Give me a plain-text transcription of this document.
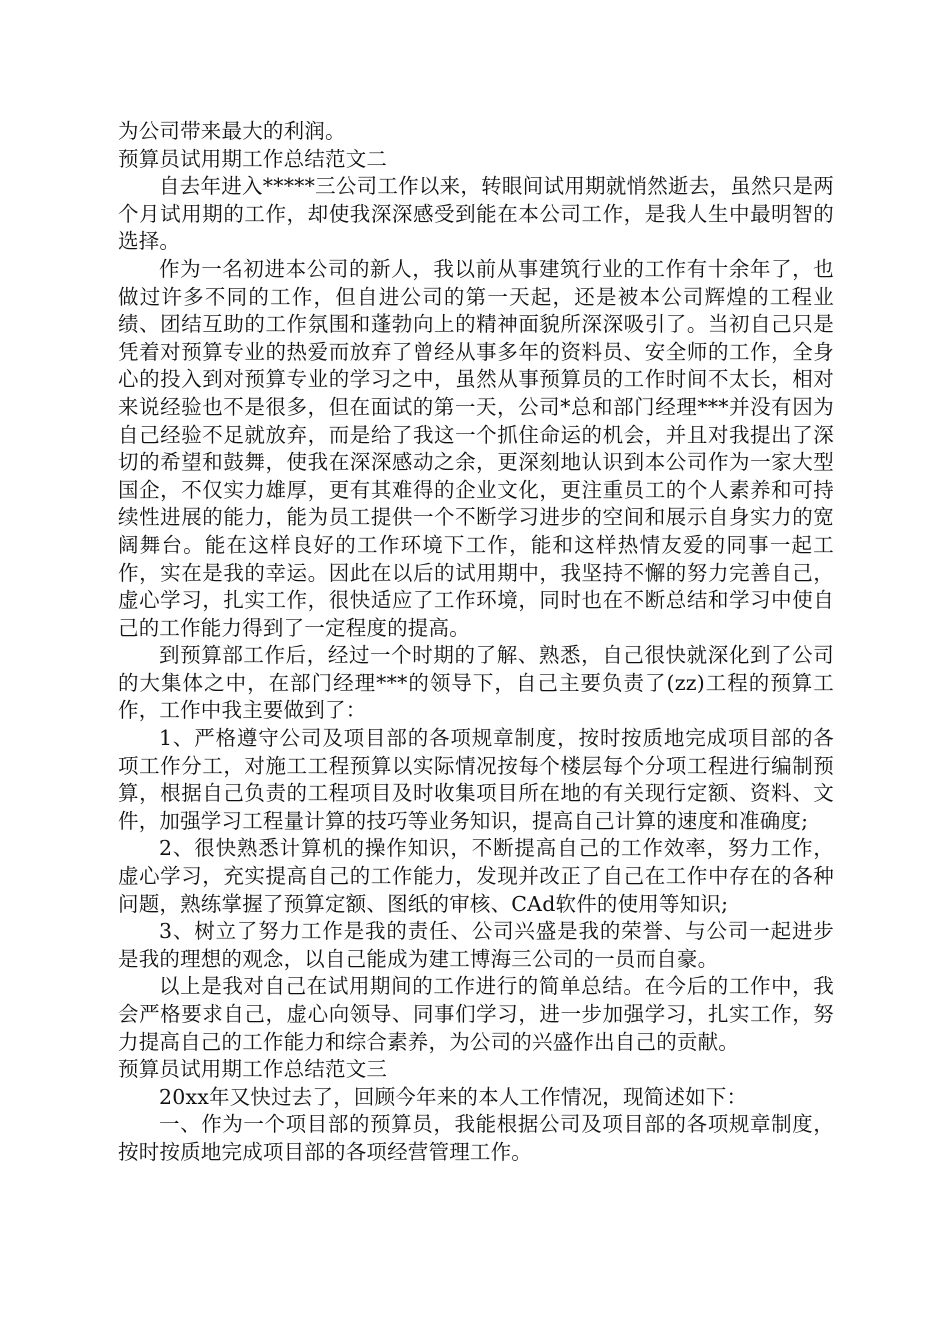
为公司带来最大的利润。

预算员试用期工作总结范文二

自去年进入*****三公司工作以来，转眼间试用期就悄然逝去，虽然只是两个月试用期的工作，却使我深深感受到能在本公司工作，是我人生中最明智的选择。

作为一名初进本公司的新人，我以前从事建筑行业的工作有十余年了，也做过许多不同的工作，但自进公司的第一天起，还是被本公司辉煌的工程业绩、团结互助的工作氛围和蓬勃向上的精神面貌所深深吸引了。当初自己只是凭着对预算专业的热爱而放弃了曾经从事多年的资料员、安全师的工作，全身心的投入到对预算专业的学习之中，虽然从事预算员的工作时间不太长，相对来说经验也不是很多，但在面试的第一天，公司*总和部门经理***并没有因为自己经验不足就放弃，而是给了我这一个抓住命运的机会，并且对我提出了深切的希望和鼓舞，使我在深深感动之余，更深刻地认识到本公司作为一家大型国企，不仅实力雄厚，更有其难得的企业文化，更注重员工的个人素养和可持续性进展的能力，能为员工提供一个不断学习进步的空间和展示自身实力的宽阔舞台。能在这样良好的工作环境下工作，能和这样热情友爱的同事一起工作，实在是我的幸运。因此在以后的试用期中，我坚持不懈的努力完善自己，虚心学习，扎实工作，很快适应了工作环境，同时也在不断总结和学习中使自己的工作能力得到了一定程度的提高。

到预算部工作后，经过一个时期的了解、熟悉，自己很快就深化到了公司的大集体之中，在部门经理***的领导下，自己主要负责了(zz)工程的预算工作，工作中我主要做到了：

1、严格遵守公司及项目部的各项规章制度，按时按质地完成项目部的各项工作分工，对施工工程预算以实际情况按每个楼层每个分项工程进行编制预算，根据自己负责的工程项目及时收集项目所在地的有关现行定额、资料、文件，加强学习工程量计算的技巧等业务知识，提高自己计算的速度和准确度;

2、很快熟悉计算机的操作知识，不断提高自己的工作效率，努力工作，虚心学习，充实提高自己的工作能力，发现并改正了自己在工作中存在的各种问题，熟练掌握了预算定额、图纸的审核、CAd软件的使用等知识;

3、树立了努力工作是我的责任、公司兴盛是我的荣誉、与公司一起进步是我的理想的观念，以自己能成为建工博海三公司的一员而自豪。

以上是我对自己在试用期间的工作进行的简单总结。在今后的工作中，我会严格要求自己，虚心向领导、同事们学习，进一步加强学习，扎实工作，努力提高自己的工作能力和综合素养，为公司的兴盛作出自己的贡献。

预算员试用期工作总结范文三

20xx年又快过去了，回顾今年来的本人工作情况，现简述如下：

一、作为一个项目部的预算员，我能根据公司及项目部的各项规章制度，按时按质地完成项目部的各项经营管理工作。
